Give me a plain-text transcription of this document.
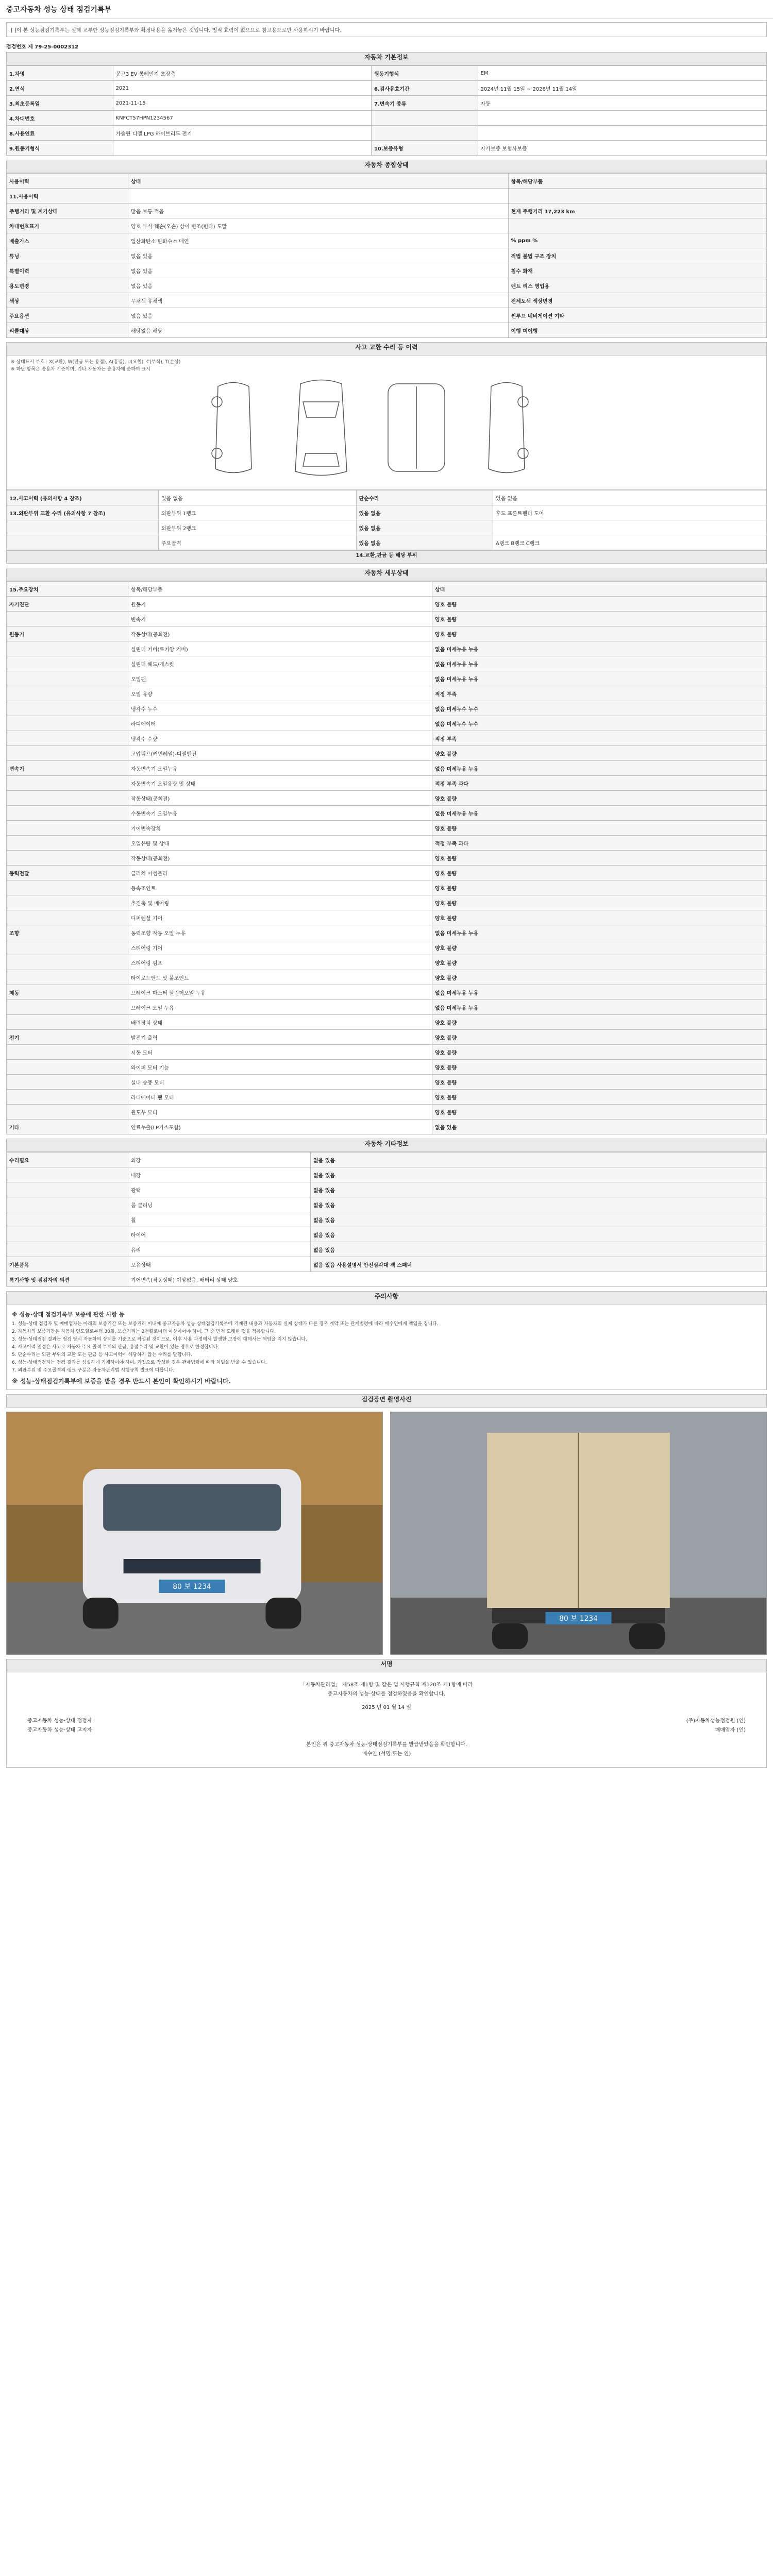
중고자동차 성능 상태 점검기록부
[ ]이 본 성능점검기록부는 실제 교부한 성능점검기록부와 확정내용을 옮겨놓은 것입니다. 법적 효력이 없으므로 참고용으로만 사용하시기 바랍니다.
점검번호 제 79-25-0002312
자동차 기본정보
1.차명	봉고3 EV 롱레인지 초장축	원동기형식	EM
2.연식	2021	6.검사유효기간	2024년 11월 15일 ~ 2026년 11월 14일
3.최초등록일	2021-11-15	7.변속기 종류	자동
4.차대번호	KNFCT57HPN1234567		
8.사용연료	가솔린 디젤 LPG 하이브리드 전기		
9.원동기형식		10.보증유형	자가보증 보험사보증
자동차 종합상태
사용이력	상태	항목/해당부품
11.사용이력		
주행거리 및 계기상태	많음 보통 적음	현재 주행거리 17,223 km
차대번호표기	양호 부식 훼손(오손) 상이 변조(변타) 도말	
배출가스	일산화탄소 탄화수소 매연	% ppm %
튜닝	없음 있음	적법 불법 구조 장치
특별이력	없음 있음	침수 화재
용도변경	없음 있음	렌트 리스 영업용
색상	무채색 유채색	전체도색 색상변경
주요옵션	없음 있음	썬루프 네비게이션 기타
리콜대상	해당없음 해당	이행 미이행
사고 교환 수리 등 이력
※ 상태표시 부호 : X(교환), W(판금 또는 용접), A(흠집), U(요철), C(부식), T(손상)
※ 하단 항목은 승용차 기준이며, 기타 자동차는 승용차에 준하여 표시
12.사고이력 (유의사항 4 참조)	있음 없음	단순수리	있음 없음
13.외판부위 교환 수리 (유의사항 7 참조)	외판부위 1랭크	있음 없음	후드 프론트펜더 도어
	외판부위 2랭크	있음 없음	
	주요골격	있음 없음	A랭크 B랭크 C랭크
14.교환,판금 등 해당 부위
자동차 세부상태
15.주요장치	항목/해당부품	상태
자기진단	원동기	양호 불량
	변속기	양호 불량
원동기	작동상태(공회전)	양호 불량
	실린더 커버(로커암 커버)	없음 미세누유 누유
	실린더 헤드/개스킷	없음 미세누유 누유
	오일팬	없음 미세누유 누유
	오일 유량	적정 부족
	냉각수 누수	없음 미세누수 누수
	라디에이터	없음 미세누수 누수
	냉각수 수량	적정 부족
	고압펌프(커먼레일)-디젤엔진	양호 불량
변속기	자동변속기 오일누유	없음 미세누유 누유
	자동변속기 오일유량 및 상태	적정 부족 과다
	작동상태(공회전)	양호 불량
	수동변속기 오일누유	없음 미세누유 누유
	기어변속장치	양호 불량
	오일유량 및 상태	적정 부족 과다
	작동상태(공회전)	양호 불량
동력전달	클러치 어셈블리	양호 불량
	등속조인트	양호 불량
	추진축 및 베어링	양호 불량
	디퍼렌셜 기어	양호 불량
조향	동력조향 작동 오일 누유	없음 미세누유 누유
	스티어링 기어	양호 불량
	스티어링 펌프	양호 불량
	타이로드엔드 및 볼조인트	양호 불량
제동	브레이크 마스터 실린더오일 누유	없음 미세누유 누유
	브레이크 오일 누유	없음 미세누유 누유
	배력장치 상태	양호 불량
전기	발전기 출력	양호 불량
	시동 모터	양호 불량
	와이퍼 모터 기능	양호 불량
	실내 송풍 모터	양호 불량
	라디에이터 팬 모터	양호 불량
	윈도우 모터	양호 불량
기타	연료누출(LP가스포함)	없음 있음
자동차 기타정보
수리필요	외장	없음 있음
	내장	없음 있음
	광택	없음 있음
	룸 클리닝	없음 있음
	휠	없음 있음
	타이어	없음 있음
	유리	없음 있음
기본품목	보유상태	없음 있음 사용설명서 안전삼각대 잭 스패너
특기사항 및 점검자의 의견	기어변속(작동상태) 이상없음, 배터리 상태 양호	
주의사항
※ 성능·상태 점검기록부 보증에 관한 사항 등
1. 성능·상태 점검자 및 매매업자는 아래의 보증기간 또는 보증거리 이내에 중고자동차 성능·상태점검기록부에 기재된 내용과 자동차의 실제 상태가 다른 경우 계약 또는 관계법령에 따라 매수인에게 책임을 집니다.
2. 자동차의 보증기간은 자동차 인도일로부터 30일, 보증거리는 2천킬로미터 이상이어야 하며, 그 중 먼저 도래한 것을 적용합니다.
3. 성능·상태점검 결과는 점검 당시 자동차의 상태를 기준으로 작성된 것이므로, 이후 사용 과정에서 발생한 고장에 대해서는 책임을 지지 않습니다.
4. 사고이력 인정은 사고로 자동차 주요 골격 부위의 판금, 용접수리 및 교환이 있는 경우로 한정합니다.
5. 단순수리는 외판 부위의 교환 또는 판금 등 사고이력에 해당하지 않는 수리를 말합니다.
6. 성능·상태점검자는 점검 결과를 성실하게 기재하여야 하며, 거짓으로 작성한 경우 관계법령에 따라 처벌을 받을 수 있습니다.
7. 외판부위 및 주요골격의 랭크 구분은 자동차관리법 시행규칙 별표에 따릅니다.
※ 성능·상태점검기록부에 보증을 받을 경우 반드시 본인이 확인하시기 바랍니다.
점검장면 촬영사진
80 보 1234
80 보 1234
서명
「자동차관리법」 제58조 제1항 및 같은 법 시행규칙 제120조 제1항에 따라
중고자동차의 성능·상태를 점검하였음을 확인합니다.
2025 년 01 월 14 일
중고자동차 성능·상태 점검자	(주)자동차성능점검원 (인)
중고자동차 성능·상태 고지자	매매업자 (인)
본인은 위 중고자동차 성능·상태점검기록부를 발급받았음을 확인합니다.
매수인 (서명 또는 인)
